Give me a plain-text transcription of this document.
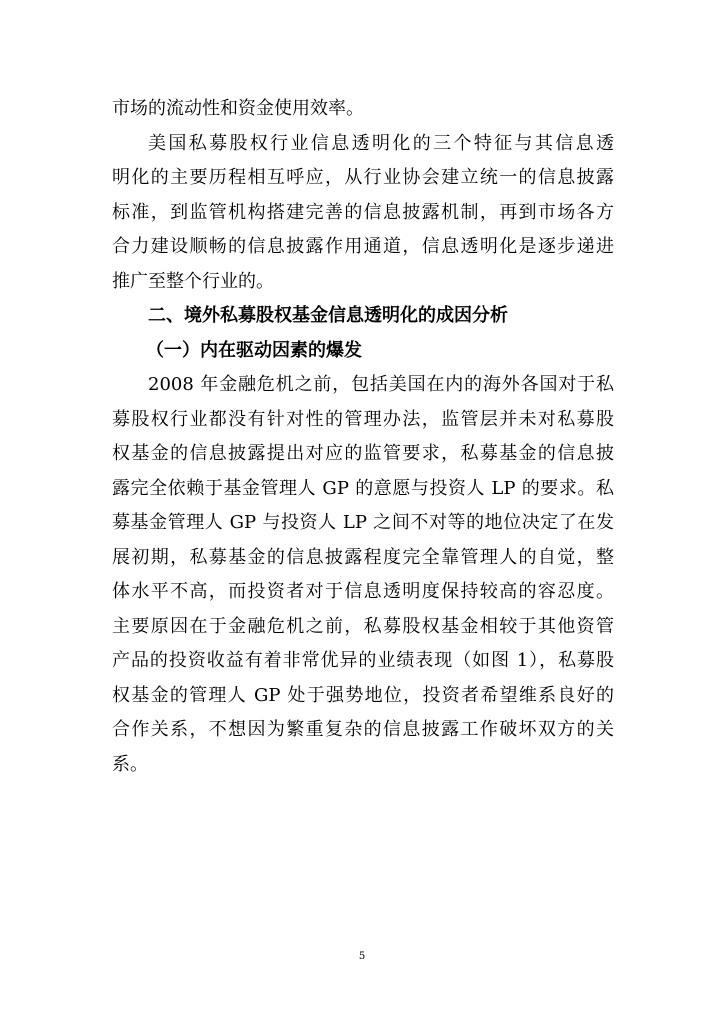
市场的流动性和资金使用效率。
美国私募股权行业信息透明化的三个特征与其信息透
明化的主要历程相互呼应，从行业协会建立统一的信息披露
标准，到监管机构搭建完善的信息披露机制，再到市场各方
合力建设顺畅的信息披露作用通道，信息透明化是逐步递进
推广至整个行业的。
二、境外私募股权基金信息透明化的成因分析
（一）内在驱动因素的爆发
2008 年金融危机之前，包括美国在内的海外各国对于私
募股权行业都没有针对性的管理办法，监管层并未对私募股
权基金的信息披露提出对应的监管要求，私募基金的信息披
露完全依赖于基金管理人 GP 的意愿与投资人 LP 的要求。私
募基金管理人 GP 与投资人 LP 之间不对等的地位决定了在发
展初期，私募基金的信息披露程度完全靠管理人的自觉，整
体水平不高，而投资者对于信息透明度保持较高的容忍度。
主要原因在于金融危机之前，私募股权基金相较于其他资管
产品的投资收益有着非常优异的业绩表现（如图 1），私募股
权基金的管理人 GP 处于强势地位，投资者希望维系良好的
合作关系，不想因为繁重复杂的信息披露工作破坏双方的关
系。
5
